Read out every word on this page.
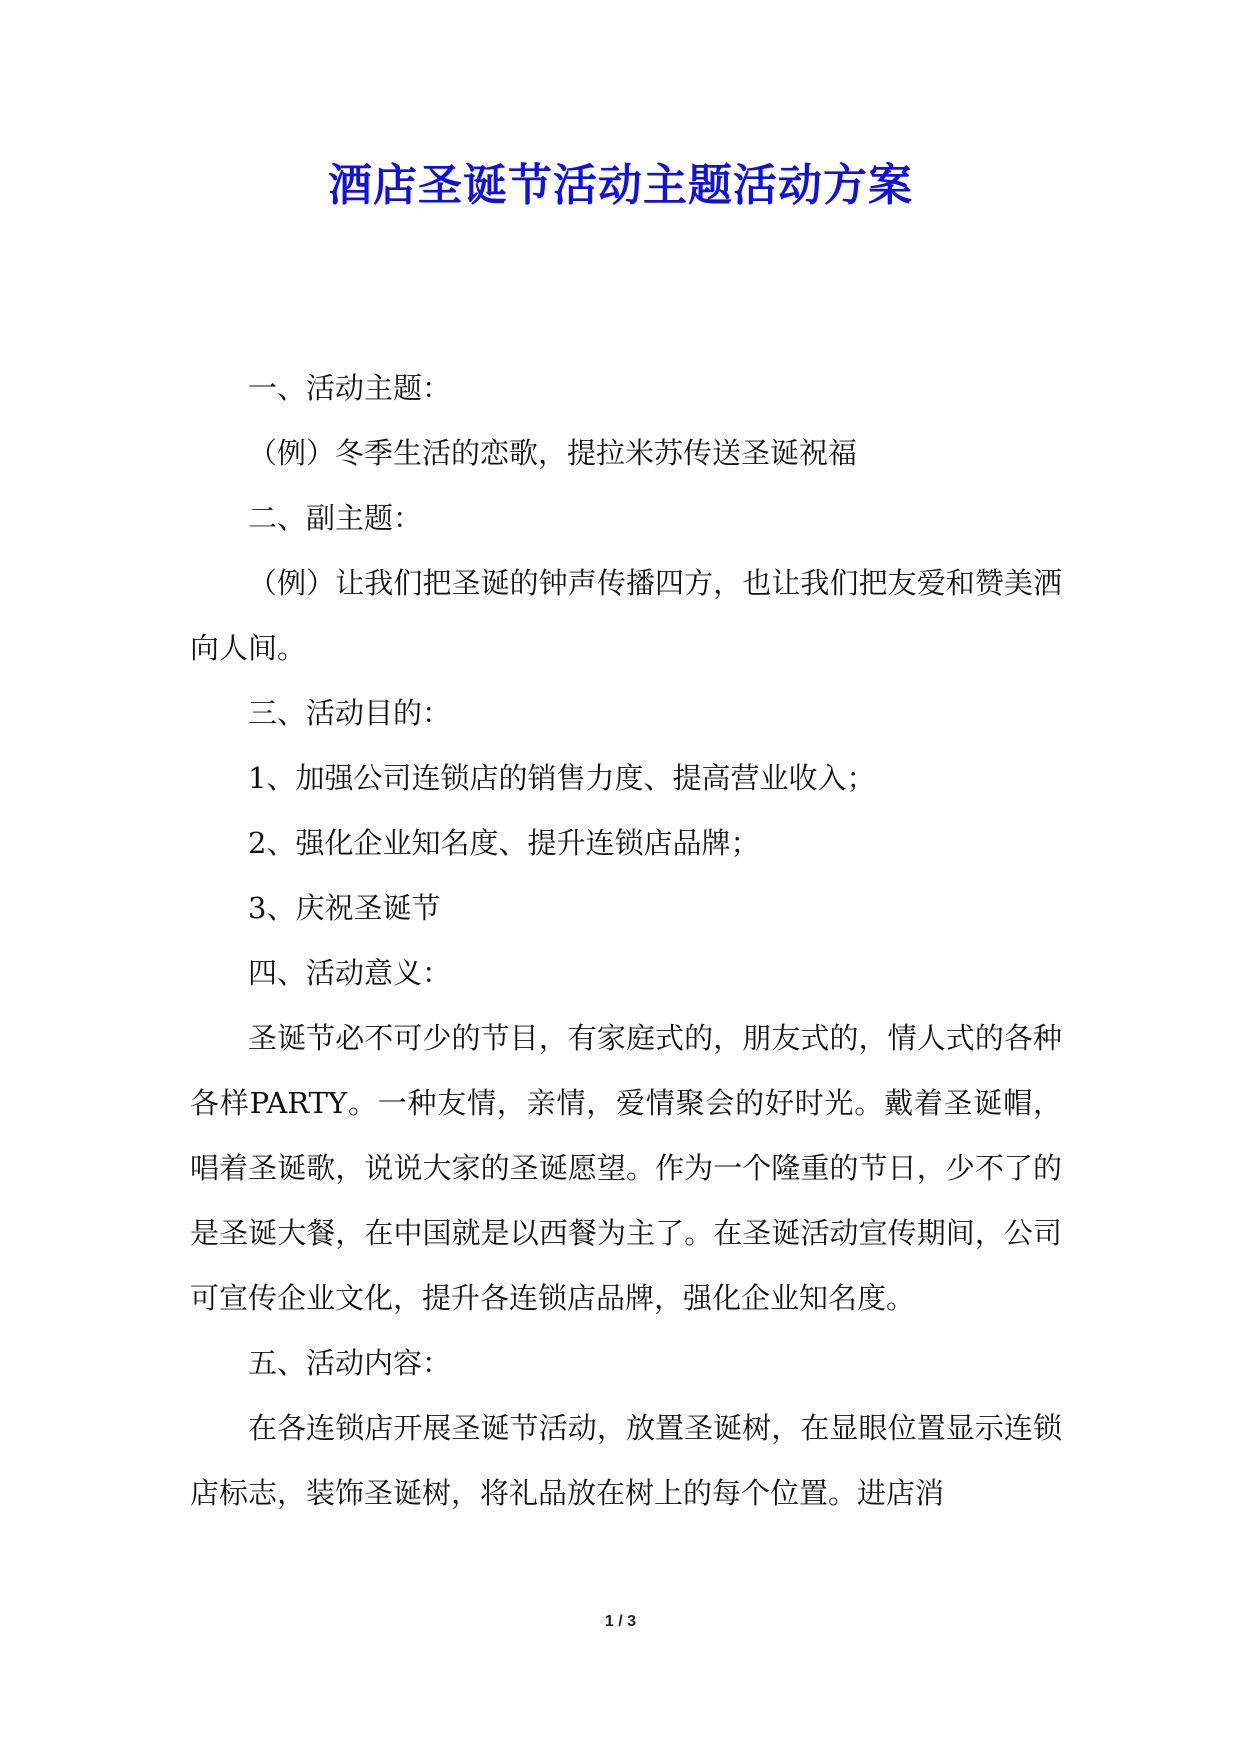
酒店圣诞节活动主题活动方案

一、活动主题：

（例）冬季生活的恋歌，提拉米苏传送圣诞祝福

二、副主题：

（例）让我们把圣诞的钟声传播四方，也让我们把友爱和赞美洒向人间。

三、活动目的：

1、加强公司连锁店的销售力度、提高营业收入；

2、强化企业知名度、提升连锁店品牌；

3、庆祝圣诞节

四、活动意义：

圣诞节必不可少的节目，有家庭式的，朋友式的，情人式的各种各样PARTY。一种友情，亲情，爱情聚会的好时光。戴着圣诞帽，唱着圣诞歌，说说大家的圣诞愿望。作为一个隆重的节日，少不了的是圣诞大餐，在中国就是以西餐为主了。在圣诞活动宣传期间，公司可宣传企业文化，提升各连锁店品牌，强化企业知名度。

五、活动内容：

在各连锁店开展圣诞节活动，放置圣诞树，在显眼位置显示连锁店标志，装饰圣诞树，将礼品放在树上的每个位置。进店消

1 / 3
